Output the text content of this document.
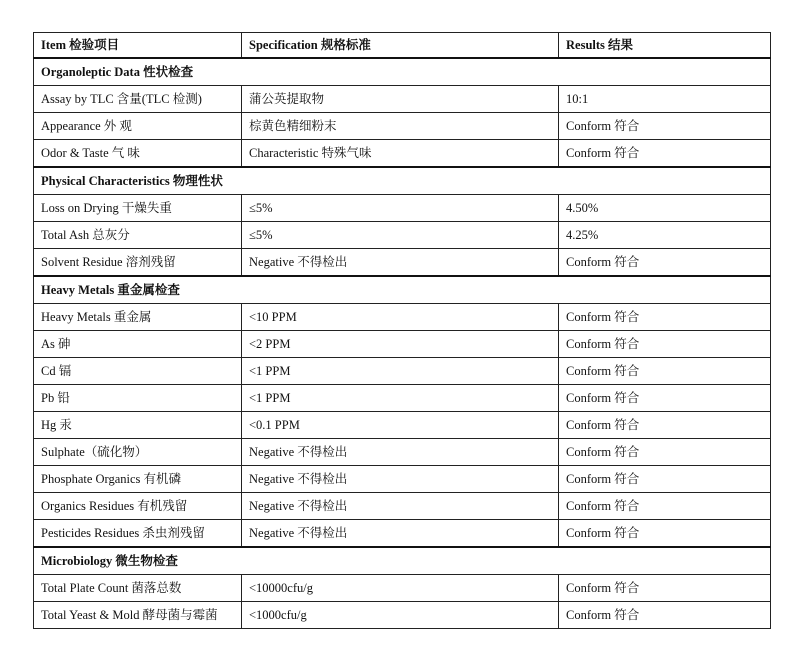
Item 检验项目	Specification 规格标准	Results 结果
Organoleptic Data 性状检查		
Assay by TLC 含量(TLC 检测)	蒲公英提取物	10:1
Appearance 外 观	棕黄色精细粉末	Conform 符合
Odor & Taste 气 味	Characteristic 特殊气味	Conform 符合
Physical Characteristics 物理性状		
Loss on Drying 干燥失重	≤5%	4.50%
Total Ash 总灰分	≤5%	4.25%
Solvent Residue 溶剂残留	Negative 不得检出	Conform 符合
Heavy Metals 重金属检查		
Heavy Metals 重金属	<10 PPM	Conform 符合
As 砷	<2 PPM	Conform 符合
Cd 镉	<1 PPM	Conform 符合
Pb 铅	<1 PPM	Conform 符合
Hg 汞	<0.1 PPM	Conform 符合
Sulphate（硫化物）	Negative 不得检出	Conform 符合
Phosphate Organics 有机磷	Negative 不得检出	Conform 符合
Organics Residues 有机残留	Negative 不得检出	Conform 符合
Pesticides Residues 杀虫剂残留	Negative 不得检出	Conform 符合
Microbiology 微生物检查		
Total Plate Count 菌落总数	<10000cfu/g	Conform 符合
Total Yeast & Mold 酵母菌与霉菌	<1000cfu/g	Conform 符合
